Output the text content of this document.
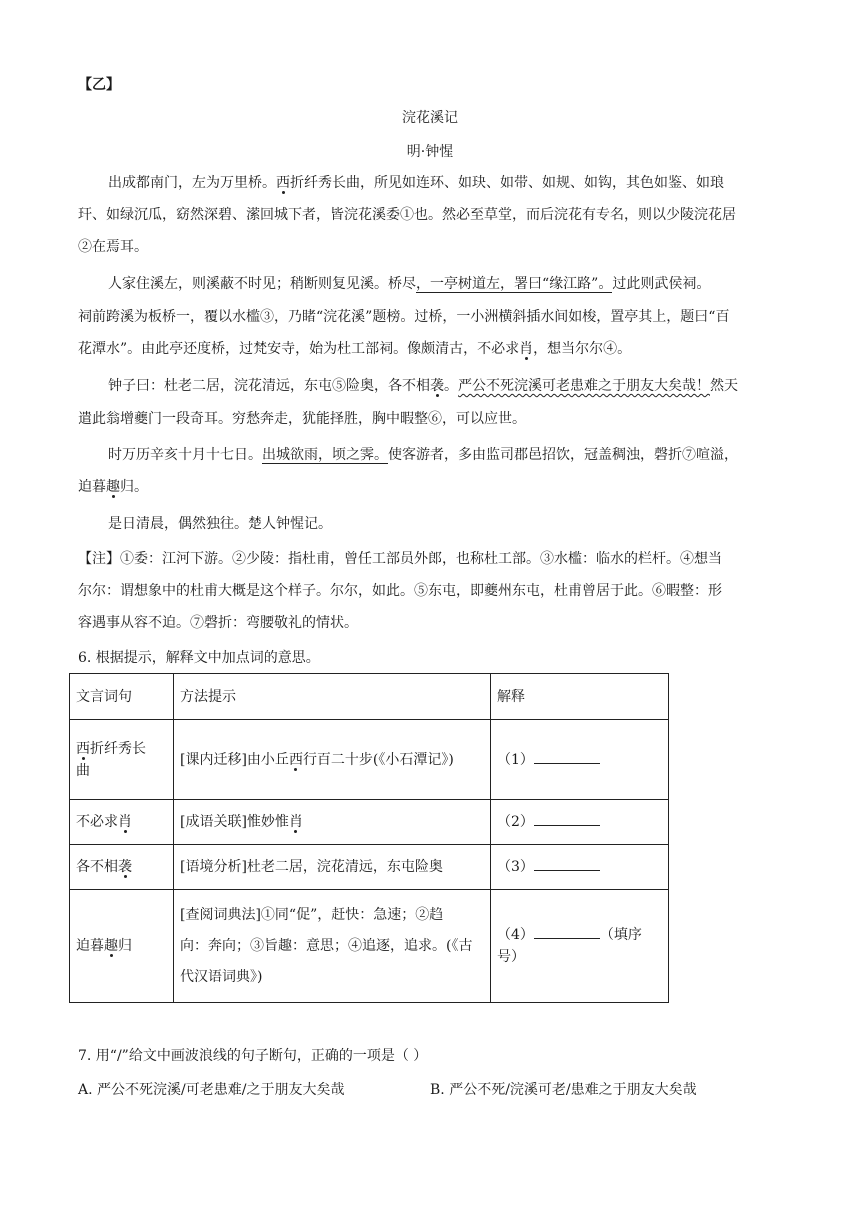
【乙】
浣花溪记
明·钟惺
出成都南门，左为万里桥。西折纤秀长曲，所见如连环、如玦、如带、如规、如钩，其色如鉴、如琅
玕、如绿沉瓜，窈然深碧、潆回城下者，皆浣花溪委①也。然必至草堂，而后浣花有专名，则以少陵浣花居
②在焉耳。
人家住溪左，则溪蔽不时见；稍断则复见溪。桥尽，一亭树道左，署曰“缘江路”。过此则武侯祠。
祠前跨溪为板桥一，覆以水槛③，乃睹“浣花溪”题榜。过桥，一小洲横斜插水间如梭，置亭其上，题曰“百
花潭水”。由此亭还度桥，过梵安寺，始为杜工部祠。像颇清古，不必求肖，想当尔尔④。
钟子曰：杜老二居，浣花清远，东屯⑤险奥，各不相袭。严公不死浣溪可老患难之于朋友大矣哉！然天
遣此翁增夔门一段奇耳。穷愁奔走，犹能择胜，胸中暇整⑥，可以应世。
时万历辛亥十月十七日。出城欲雨，顷之霁。使客游者，多由监司郡邑招饮，冠盖稠浊，磬折⑦喧溢，
迫暮趣归。
是日清晨，偶然独往。楚人钟惺记。
【注】①委：江河下游。②少陵：指杜甫，曾任工部员外郎，也称杜工部。③水槛：临水的栏杆。④想当
尔尔：谓想象中的杜甫大概是这个样子。尔尔，如此。⑤东屯，即夔州东屯，杜甫曾居于此。⑥暇整：形
容遇事从容不迫。⑦磬折：弯腰敬礼的情状。
6. 根据提示，解释文中加点词的意思。
文言词句	方法提示	解释
西折纤秀长
曲	[课内迁移]由小丘西行百二十步(《小石潭记》)	（1）
不必求肖	[成语关联]惟妙惟肖	（2）
各不相袭	[语境分析]杜老二居，浣花清远，东屯险奥	（3）
迫暮趣归	[查阅词典法]①同“促”，赶快：急速；②趋
向：奔向；③旨趣：意思；④追逐，追求。(《古
代汉语词典》)	（4） （填序号）
7. 用“/”给文中画波浪线的句子断句，正确的一项是（ ）
A. 严公不死浣溪/可老患难/之于朋友大矣哉	B. 严公不死/浣溪可老/患难之于朋友大矣哉
